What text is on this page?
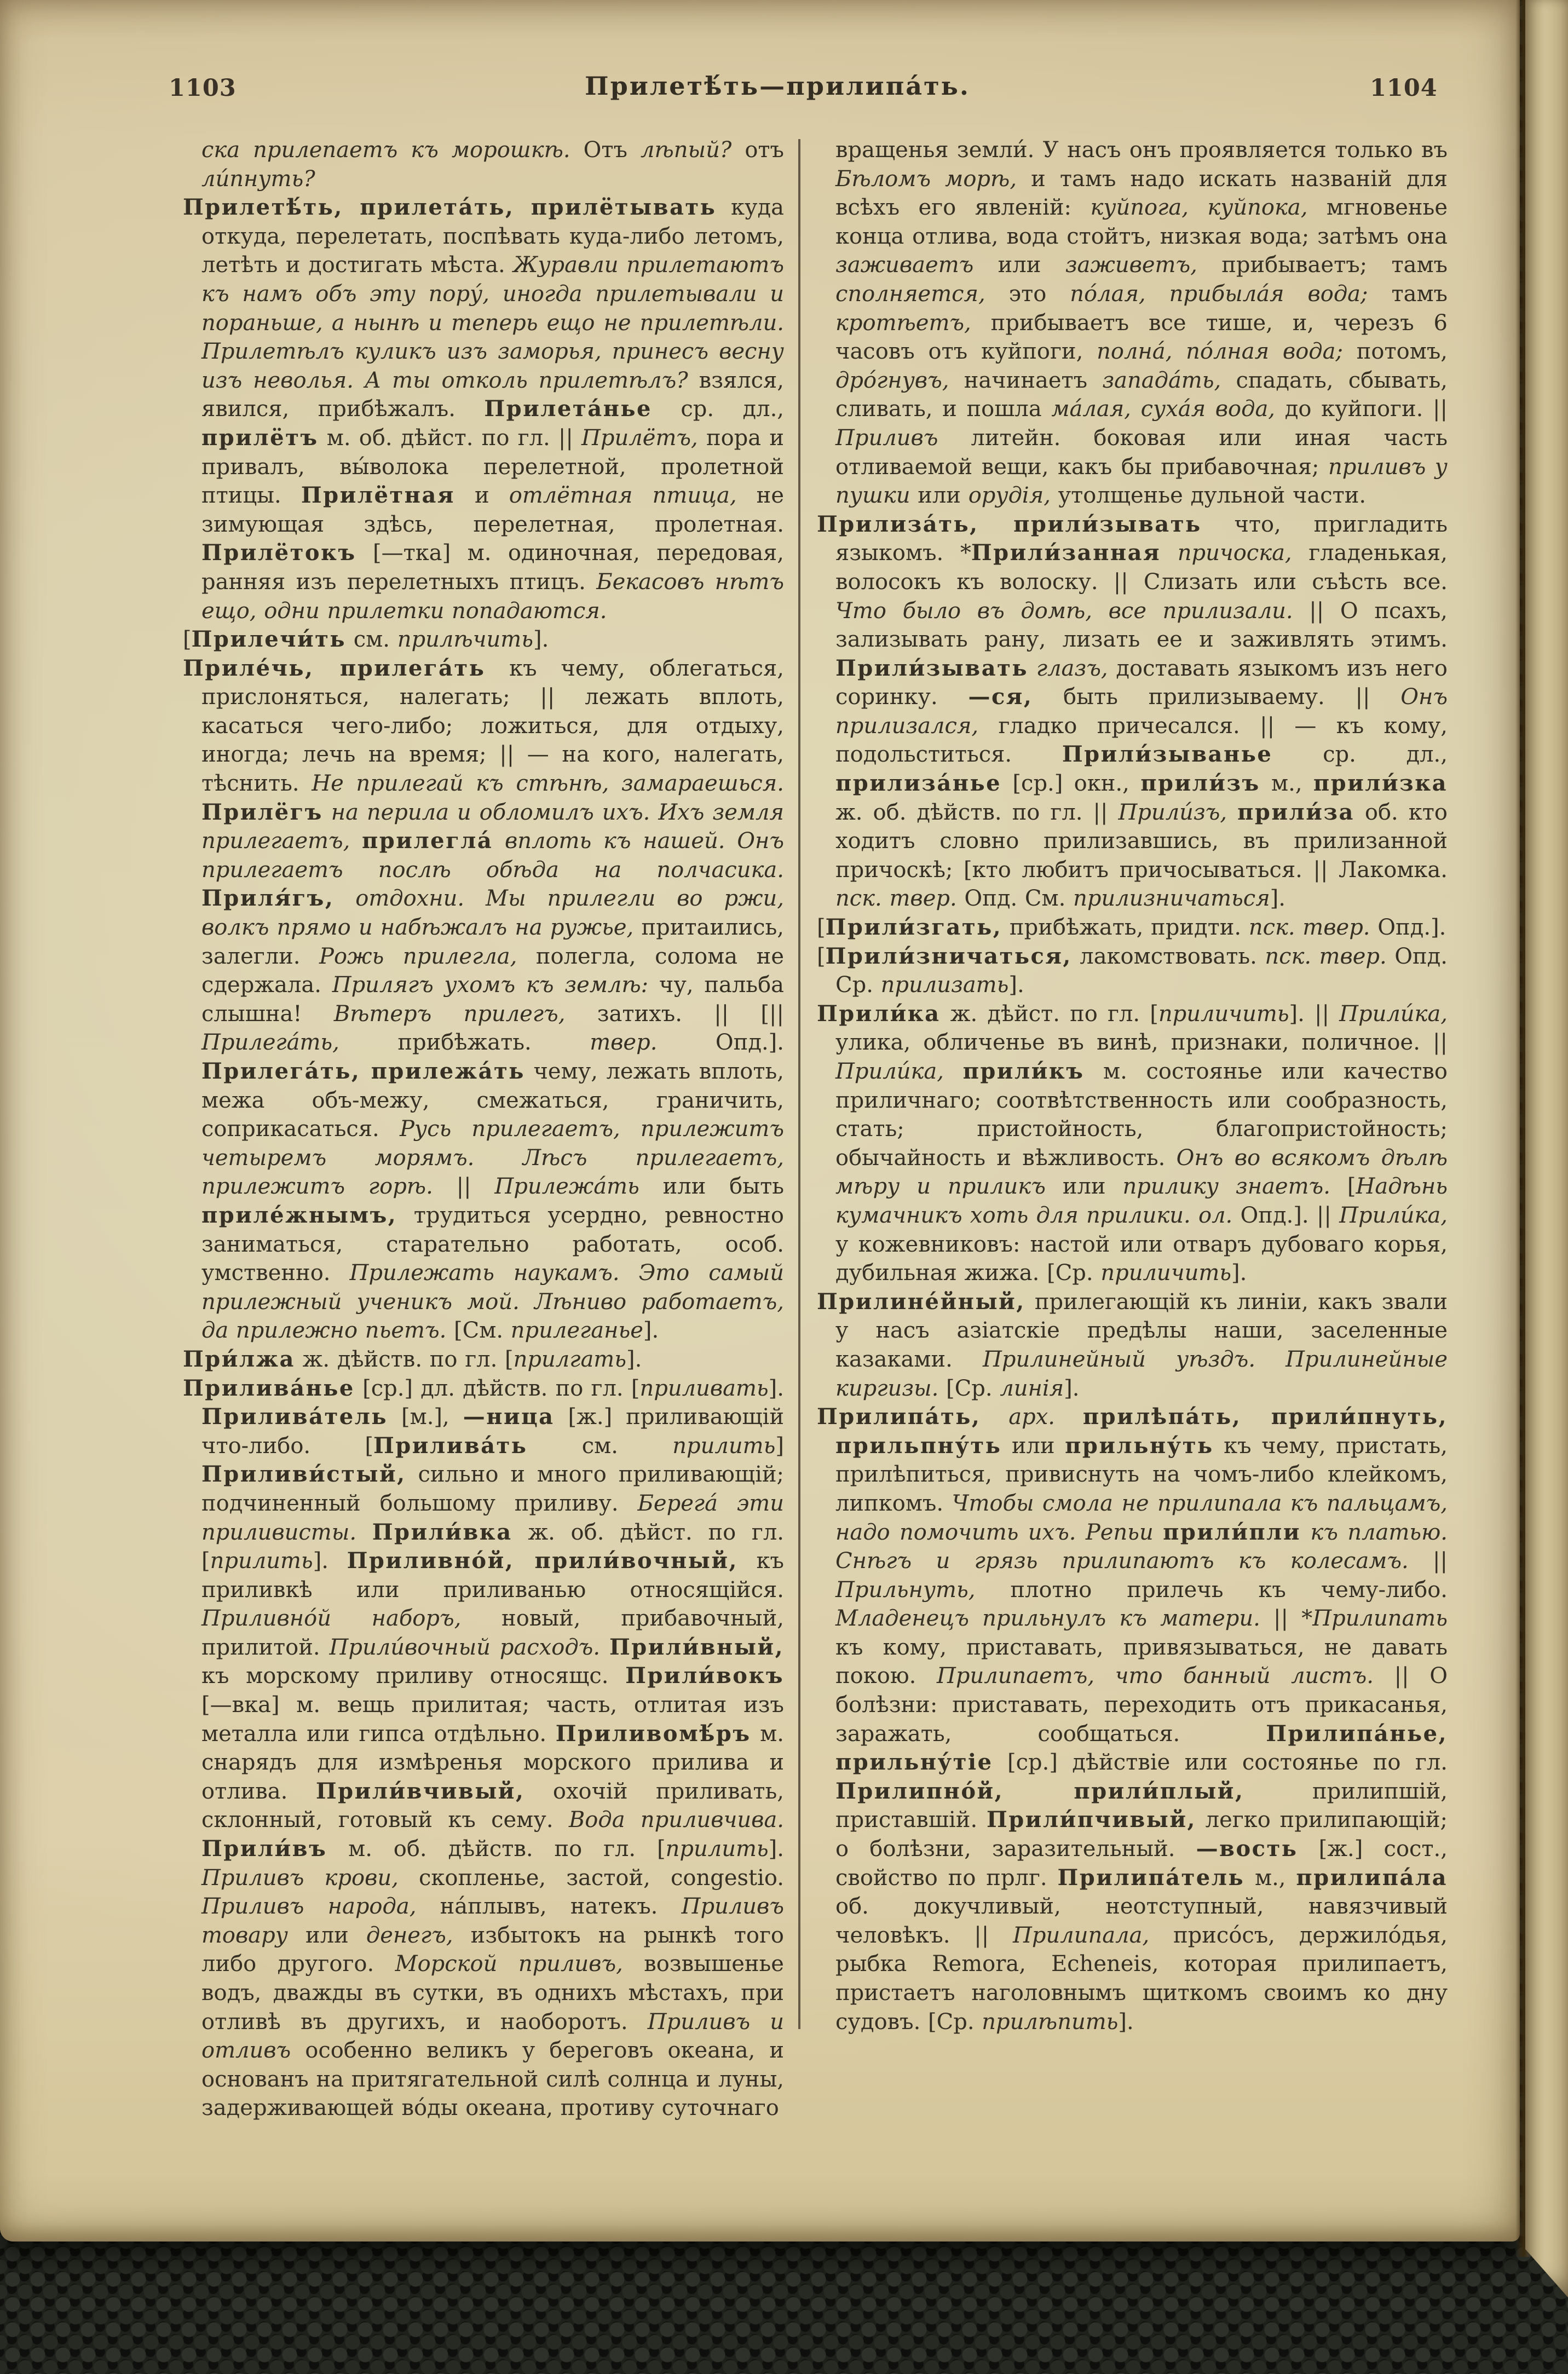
1103	Прилетѣ́ть—прилипа́ть.	1104

ска прилепаетъ къ морошкѣ. Отъ лѣпый? отъ ли́пнуть?

Прилетѣ́ть, прилета́ть, прилётывать куда откуда, перелетать, поспѣвать куда-либо летомъ, летѣть и достигать мѣста. Журавли прилетаютъ къ намъ объ эту пору́, иногда прилетывали и пораньше, а нынѣ и теперь ещо не прилетѣли. Прилетѣлъ куликъ изъ заморья, принесъ весну изъ неволья. А ты отколь прилетѣлъ? взялся, явился, прибѣжалъ. Прилета́нье ср. дл., прилётъ м. об. дѣйст. по гл. || Прилётъ, пора и привалъ, вы́волока перелетной, пролетной птицы. Прилётная и отлётная птица, не зимующая здѣсь, перелетная, пролетная. Прилётокъ [—тка] м. одиночная, передовая, ранняя изъ перелетныхъ птицъ. Бекасовъ нѣтъ ещо, одни прилетки попадаются.

[Прилечи́ть см. прилѣчить].

Приле́чь, прилега́ть къ чему, облегаться, прислоняться, налегать; || лежать вплоть, касаться чего-либо; ложиться, для отдыху, иногда; лечь на время; || — на кого, налегать, тѣснить. Не прилегай къ стѣнѣ, замараешься. Прилёгъ на перила и обломилъ ихъ. Ихъ земля прилегаетъ, прилегла́ вплоть къ нашей. Онъ прилегаетъ послѣ обѣда на полчасика. Приля́гъ, отдохни. Мы прилегли во ржи, волкъ прямо и набѣжалъ на ружье, притаились, залегли. Рожь прилегла, полегла, солома не сдержала. Прилягъ ухомъ къ землѣ: чу, пальба слышна! Вѣтеръ прилегъ, затихъ. || [|| Прилега́ть, прибѣжать. твер. Опд.]. Прилега́ть, прилежа́ть чему, лежать вплоть, межа объ-межу, смежаться, граничить, соприкасаться. Русь прилегаетъ, прилежитъ четыремъ морямъ. Лѣсъ прилегаетъ, прилежитъ горѣ. || Прилежа́ть или быть приле́жнымъ, трудиться усердно, ревностно заниматься, старательно работать, особ. умственно. Прилежать наукамъ. Это самый прилежный ученикъ мой. Лѣниво работаетъ, да прилежно пьетъ. [См. прилеганье].

При́лжа ж. дѣйств. по гл. [прилгать].

Прилива́нье [ср.] дл. дѣйств. по гл. [приливать]. Прилива́тель [м.], —ница [ж.] приливающій что-либо. [Прилива́ть см. прилить] Приливи́стый, сильно и много приливающій; подчиненный большому приливу. Берега́ эти приливисты. Прили́вка ж. об. дѣйст. по гл. [прилить]. Приливно́й, прили́вочный, къ приливкѣ или приливанью относящійся. Приливно́й наборъ, новый, прибавочный, прилитой. Прили́вочный расходъ. Прили́вный, къ морскому приливу относящс. Прили́вокъ [—вка] м. вещь прилитая; часть, отлитая изъ металла или гипса отдѣльно. Приливомѣ́ръ м. снарядъ для измѣренья морского прилива и отлива. Прили́вчивый, охочій приливать, склонный, готовый къ сему. Вода приливчива. Прили́въ м. об. дѣйств. по гл. [прилить]. Приливъ крови, скопленье, застой, congestio. Приливъ народа, на́плывъ, натекъ. Приливъ товару или денегъ, избытокъ на рынкѣ того либо другого. Морской приливъ, возвышенье водъ, дважды въ сутки, въ однихъ мѣстахъ, при отливѣ въ другихъ, и наоборотъ. Приливъ и отливъ особенно великъ у береговъ океана, и основанъ на притягательной силѣ солнца и луны, задерживающей во́ды океана, противу суточнаго

вращенья земли́. У насъ онъ проявляется только въ Бѣломъ морѣ, и тамъ надо искать названій для всѣхъ его явленій: куйпога, куйпока, мгновенье конца отлива, вода стойтъ, низкая вода; затѣмъ она заживаетъ или заживетъ, прибываетъ; тамъ сполняется, это по́лая, прибыла́я вода; тамъ кротѣетъ, прибываетъ все тише, и, черезъ 6 часовъ отъ куйпоги, полна́, по́лная вода; потомъ, дро́гнувъ, начинаетъ запада́ть, спадать, сбывать, сливать, и пошла ма́лая, суха́я вода, до куйпоги. || Приливъ литейн. боковая или иная часть отливаемой вещи, какъ бы прибавочная; приливъ у пушки или орудія, утолщенье дульной части.

Прилиза́ть, прили́зывать что, пригладить языкомъ. *Прили́занная причоска, гладенькая, волосокъ къ волоску. || Слизать или съѣсть все. Что было въ домѣ, все прилизали. || О псахъ, зализывать рану, лизать ее и заживлять этимъ. Прили́зывать глазъ, доставать языкомъ изъ него соринку. —ся, быть прилизываему. || Онъ прилизался, гладко причесался. || — къ кому, подольститься. Прили́зыванье ср. дл., прилиза́нье [ср.] окн., прили́зъ м., прили́зка ж. об. дѣйств. по гл. || Прили́зъ, прили́за об. кто ходитъ словно прилизавшись, въ прилизанной причоскѣ; [кто любитъ причосываться. || Лакомка. пск. твер. Опд. См. прилизничаться].

[Прили́згать, прибѣжать, придти. пск. твер. Опд.].

[Прили́зничаться, лакомствовать. пск. твер. Опд. Ср. прилизать].

Прили́ка ж. дѣйст. по гл. [приличить]. || Прили́ка, улика, обличенье въ винѣ, признаки, поличное. || Прили́ка, прили́къ м. состоянье или качество приличнаго; соотвѣтственность или сообразность, стать; пристойность, благопристойность; обычайность и вѣжливость. Онъ во всякомъ дѣлѣ мѣру и приликъ или прилику знаетъ. [Надѣнь кумачникъ хоть для прилики. ол. Опд.]. || Прили́ка, у кожевниковъ: настой или отваръ дубоваго корья, дубильная жижа. [Ср. приличить].

Прилине́йный, прилегающій къ линіи, какъ звали у насъ азіатскіе предѣлы наши, заселенные казаками. Прилинейный уѣздъ. Прилинейные киргизы. [Ср. линія].

Прилипа́ть, арх. прилѣпа́ть, прили́пнуть, прильпну́ть или прильну́ть къ чему, пристать, прилѣпиться, привиснуть на чомъ-либо клейкомъ, липкомъ. Чтобы смола не прилипала къ пальцамъ, надо помочить ихъ. Репьи прили́пли къ платью. Снѣгъ и грязь прилипаютъ къ колесамъ. || Прильнуть, плотно прилечь къ чему-либо. Младенецъ прильнулъ къ матери. || *Прилипать къ кому, приставать, привязываться, не давать покою. Прилипаетъ, что банный листъ. || О болѣзни: приставать, переходить отъ прикасанья, заражать, сообщаться. Прилипа́нье, прильну́тіе [ср.] дѣйствіе или состоянье по гл. Прилипно́й, прили́плый, прилипшій, приставшій. Прили́пчивый, легко прилипающій; о болѣзни, заразительный. —вость [ж.] сост., свойство по прлг. Прилипа́тель м., прилипа́ла об. докучливый, неотступный, навязчивый человѣкъ. || Прилипала, присо́съ, держило́дья, рыбка Remora, Echeneis, которая прилипаетъ, пристаетъ наголовнымъ щиткомъ своимъ ко дну судовъ. [Ср. прилѣпить].
